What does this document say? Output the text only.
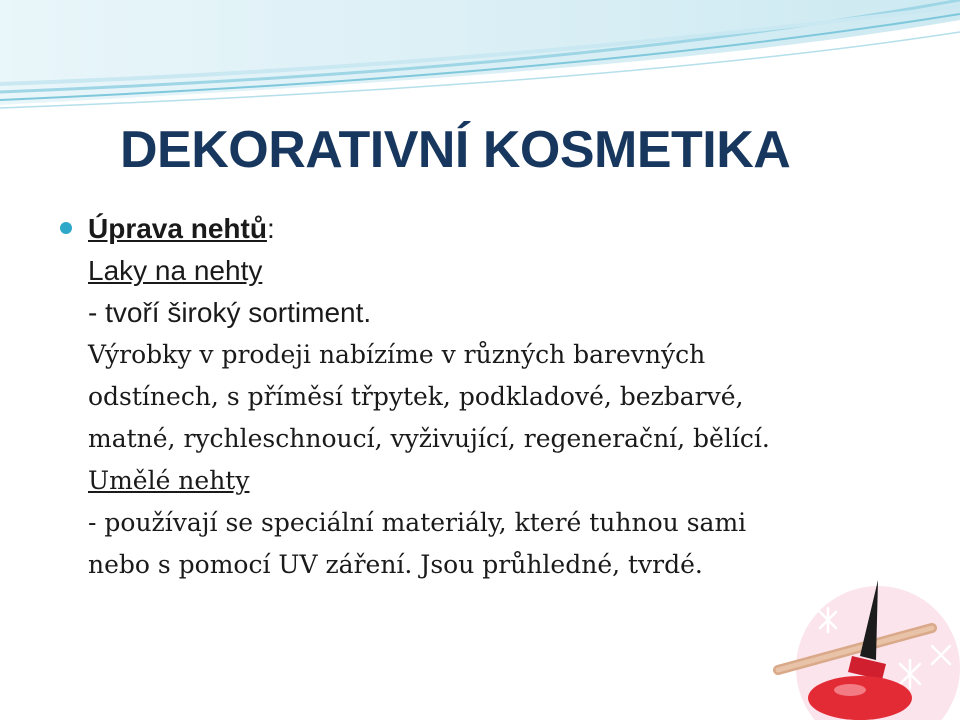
DEKORATIVNÍ KOSMETIKA
Úprava nehtů:
Laky na nehty
- tvoří široký sortiment.
Výrobky v prodeji nabízíme v různých barevných
odstínech, s příměsí třpytek, podkladové, bezbarvé,
matné, rychleschnoucí, vyživující, regenerační, bělící.
Umělé nehty
- používají se speciální materiály, které tuhnou sami
nebo s pomocí UV záření. Jsou průhledné, tvrdé.
